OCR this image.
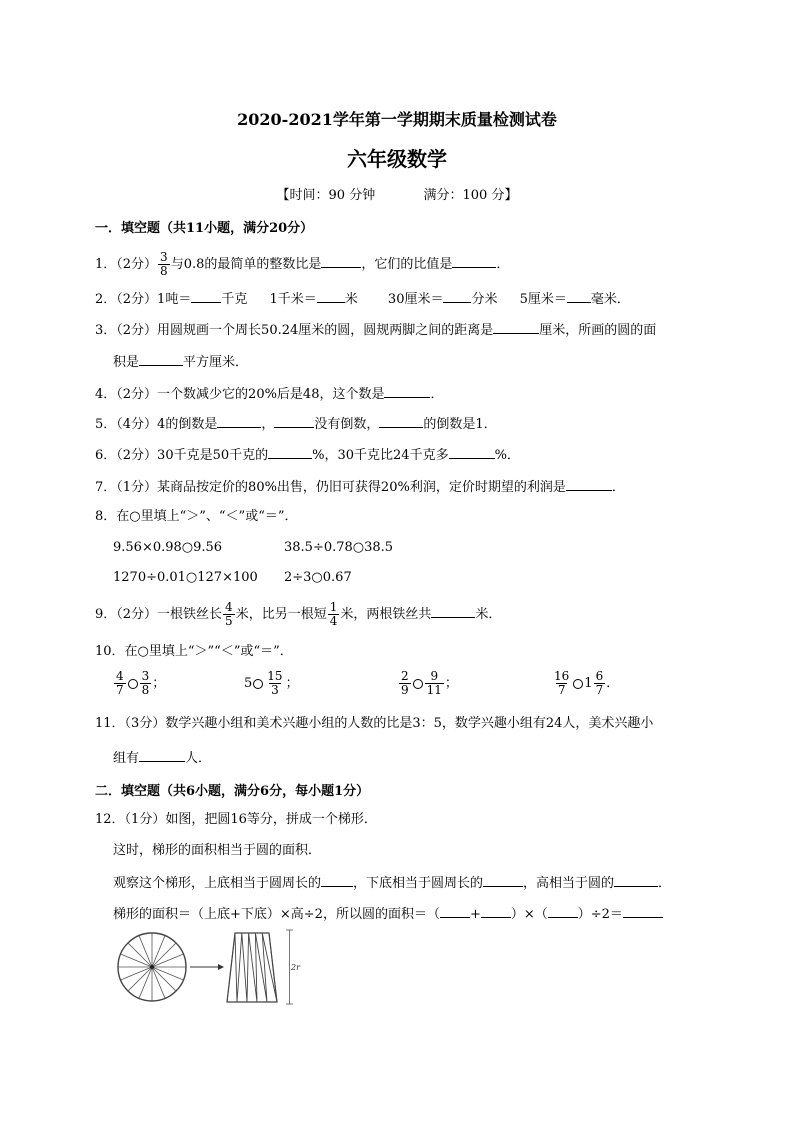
2020-2021学年第一学期期末质量检测试卷
六年级数学
【时间：90 分钟	满分：100 分】
一．填空题（共11小题，满分20分）
1．（2分） $\frac{3}{8}$ 与0.8的最简单的整数比是	，它们的比值是	．
2．（2分）1吨＝ 千克 1千米＝ 米 30厘米＝ 分米 5厘米＝ 毫米．
3．（2分）用圆规画一个周长50.24厘米的圆，圆规两脚之间的距离是	厘米，所画的圆的面
积是	平方厘米．
4．（2分）一个数减少它的20%后是48，这个数是	．
5．（4分）4的倒数是	，	没有倒数，	的倒数是1．
6．（2分）30千克是50千克的	%，30千克比24千克多	%．
7．（1分）某商品按定价的80%出售，仍旧可获得20%利润，定价时期望的利润是	．
8．在○里填上“＞”、“＜”或“＝”．
9.56×0.98○9.56	38.5÷0.78○38.5
1270÷0.01○127×100 2÷3○0.67
9．（2分）一根铁丝长 $\frac{4}{5}$ 米，比另一根短 $\frac{1}{4}$ 米，两根铁丝共	米．
10．在○里填上“＞”“＜”或“＝”．
$\frac{4}{7} \frac{3}{8}$ ；	$5 \frac{15}{3}$ ；	$\frac{2}{9} \frac{9}{11}$ ；	$\frac{16}{7} 1 \frac{6}{7}$ ．
11．（3分）数学兴趣小组和美术兴趣小组的人数的比是3：5，数学兴趣小组有24人，美术兴趣小
组有	人．
二．填空题（共6小题，满分6分，每小题1分）
12．（1分）如图，把圆16等分，拼成一个梯形．
这时，梯形的面积相当于圆的面积．
观察这个梯形，上底相当于圆周长的 ，下底相当于圆周长的	，高相当于圆的	．
梯形的面积＝（上底+下底）×高÷2，所以圆的面积＝（ + ）×（ ）÷2＝
2r
